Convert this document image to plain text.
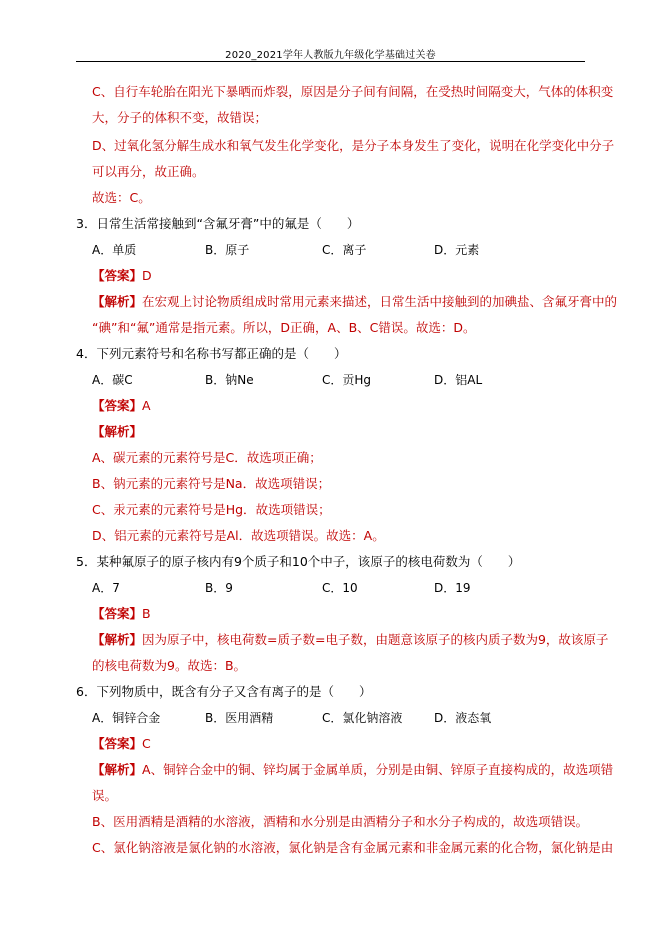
2020_2021学年人教版九年级化学基础过关卷
C、自行车轮胎在阳光下暴晒而炸裂，原因是分子间有间隔，在受热时间隔变大，气体的体积变
大，分子的体积不变，故错误；
D、过氧化氢分解生成水和氧气发生化学变化，是分子本身发生了变化，说明在化学变化中分子
可以再分，故正确。
故选：C。
3．日常生活常接触到“含氟牙膏”中的氟是（　　）
A．单质	B．原子	C．离子	D．元素
【答案】D
【解析】在宏观上讨论物质组成时常用元素来描述，日常生活中接触到的加碘盐、含氟牙膏中的
“碘”和“氟”通常是指元素。所以，D正确，A、B、C错误。故选：D。
4．下列元素符号和名称书写都正确的是（　　）
A．碳C	B．钠Ne	C．贡Hg	D．铝AL
【答案】A
【解析】
A、碳元素的元素符号是C．故选项正确；
B、钠元素的元素符号是Na．故选项错误；
C、汞元素的元素符号是Hg．故选项错误；
D、铝元素的元素符号是Al．故选项错误。故选：A。
5．某种氟原子的原子核内有9个质子和10个中子，该原子的核电荷数为（　　）
A．7	B．9	C．10	D．19
【答案】B
【解析】因为原子中，核电荷数=质子数=电子数，由题意该原子的核内质子数为9，故该原子
的核电荷数为9。故选：B。
6．下列物质中，既含有分子又含有离子的是（　　）
A．铜锌合金	B．医用酒精	C．氯化钠溶液	D．液态氧
【答案】C
【解析】A、铜锌合金中的铜、锌均属于金属单质，分别是由铜、锌原子直接构成的，故选项错
误。
B、医用酒精是酒精的水溶液，酒精和水分别是由酒精分子和水分子构成的，故选项错误。
C、氯化钠溶液是氯化钠的水溶液，氯化钠是含有金属元素和非金属元素的化合物，氯化钠是由
